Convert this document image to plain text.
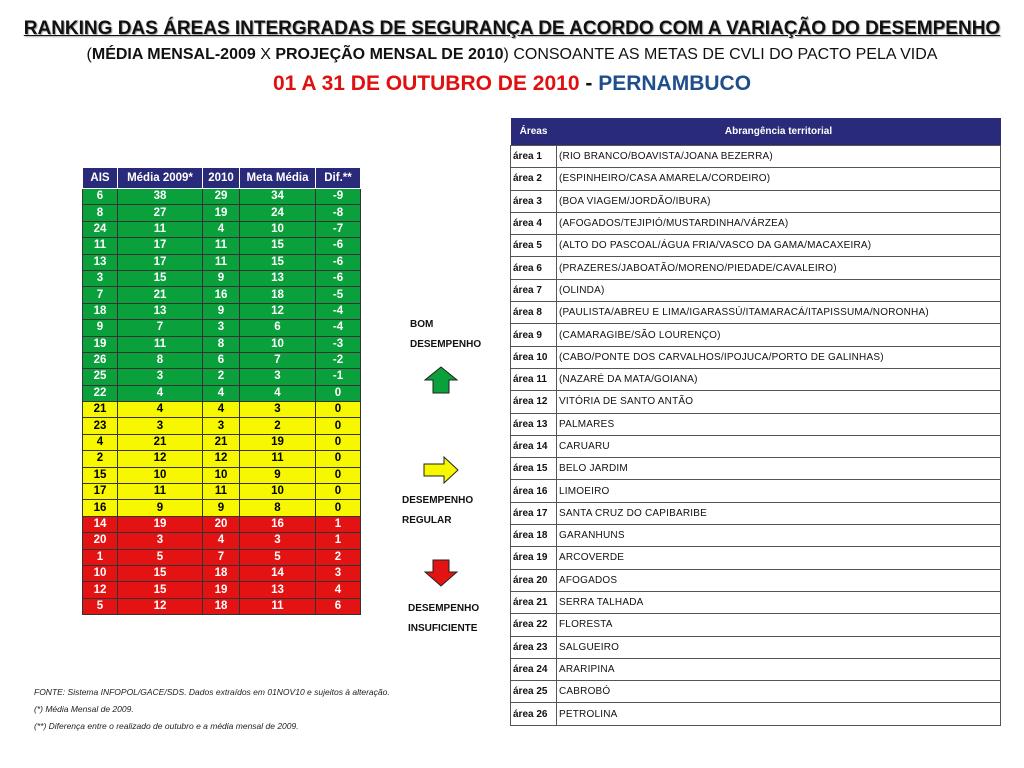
RANKING DAS ÁREAS INTERGRADAS DE SEGURANÇA DE ACORDO COM A VARIAÇÃO DO DESEMPENHO
(MÉDIA MENSAL-2009 X PROJEÇÃO MENSAL DE 2010) CONSOANTE AS METAS DE CVLI DO PACTO PELA VIDA
01 A 31 DE OUTUBRO DE 2010 - PERNAMBUCO
AIS	Média 2009*	2010	Meta Média	Dif.**
6	38	29	34	-9
8	27	19	24	-8
24	11	4	10	-7
11	17	11	15	-6
13	17	11	15	-6
3	15	9	13	-6
7	21	16	18	-5
18	13	9	12	-4
9	7	3	6	-4
19	11	8	10	-3
26	8	6	7	-2
25	3	2	3	-1
22	4	4	4	0
21	4	4	3	0
23	3	3	2	0
4	21	21	19	0
2	12	12	11	0
15	10	10	9	0
17	11	11	10	0
16	9	9	8	0
14	19	20	16	1
20	3	4	3	1
1	5	7	5	2
10	15	18	14	3
12	15	19	13	4
5	12	18	11	6
BOM
DESEMPENHO
DESEMPENHO
REGULAR
DESEMPENHO
INSUFICIENTE
Áreas	Abrangência territorial
área 1	(RIO BRANCO/BOAVISTA/JOANA BEZERRA)
área 2	(ESPINHEIRO/CASA AMARELA/CORDEIRO)
área 3	(BOA VIAGEM/JORDÃO/IBURA)
área 4	(AFOGADOS/TEJIPIÓ/MUSTARDINHA/VÁRZEA)
área 5	(ALTO DO PASCOAL/ÁGUA FRIA/VASCO DA GAMA/MACAXEIRA)
área 6	(PRAZERES/JABOATÃO/MORENO/PIEDADE/CAVALEIRO)
área 7	(OLINDA)
área 8	(PAULISTA/ABREU E LIMA/IGARASSÚ/ITAMARACÁ/ITAPISSUMA/NORONHA)
área 9	(CAMARAGIBE/SÃO LOURENÇO)
área 10	(CABO/PONTE DOS CARVALHOS/IPOJUCA/PORTO DE GALINHAS)
área 11	(NAZARÉ DA MATA/GOIANA)
área 12	VITÓRIA DE SANTO ANTÃO
área 13	PALMARES
área 14	CARUARU
área 15	BELO JARDIM
área 16	LIMOEIRO
área 17	SANTA CRUZ DO CAPIBARIBE
área 18	GARANHUNS
área 19	ARCOVERDE
área 20	AFOGADOS
área 21	SERRA TALHADA
área 22	FLORESTA
área 23	SALGUEIRO
área 24	ARARIPINA
área 25	CABROBÓ
área 26	PETROLINA
FONTE: Sistema INFOPOL/GACE/SDS. Dados extraídos em 01NOV10 e sujeitos à alteração.
(*) Média Mensal de 2009.
(**) Diferença entre o realizado de outubro e a média mensal de 2009.
